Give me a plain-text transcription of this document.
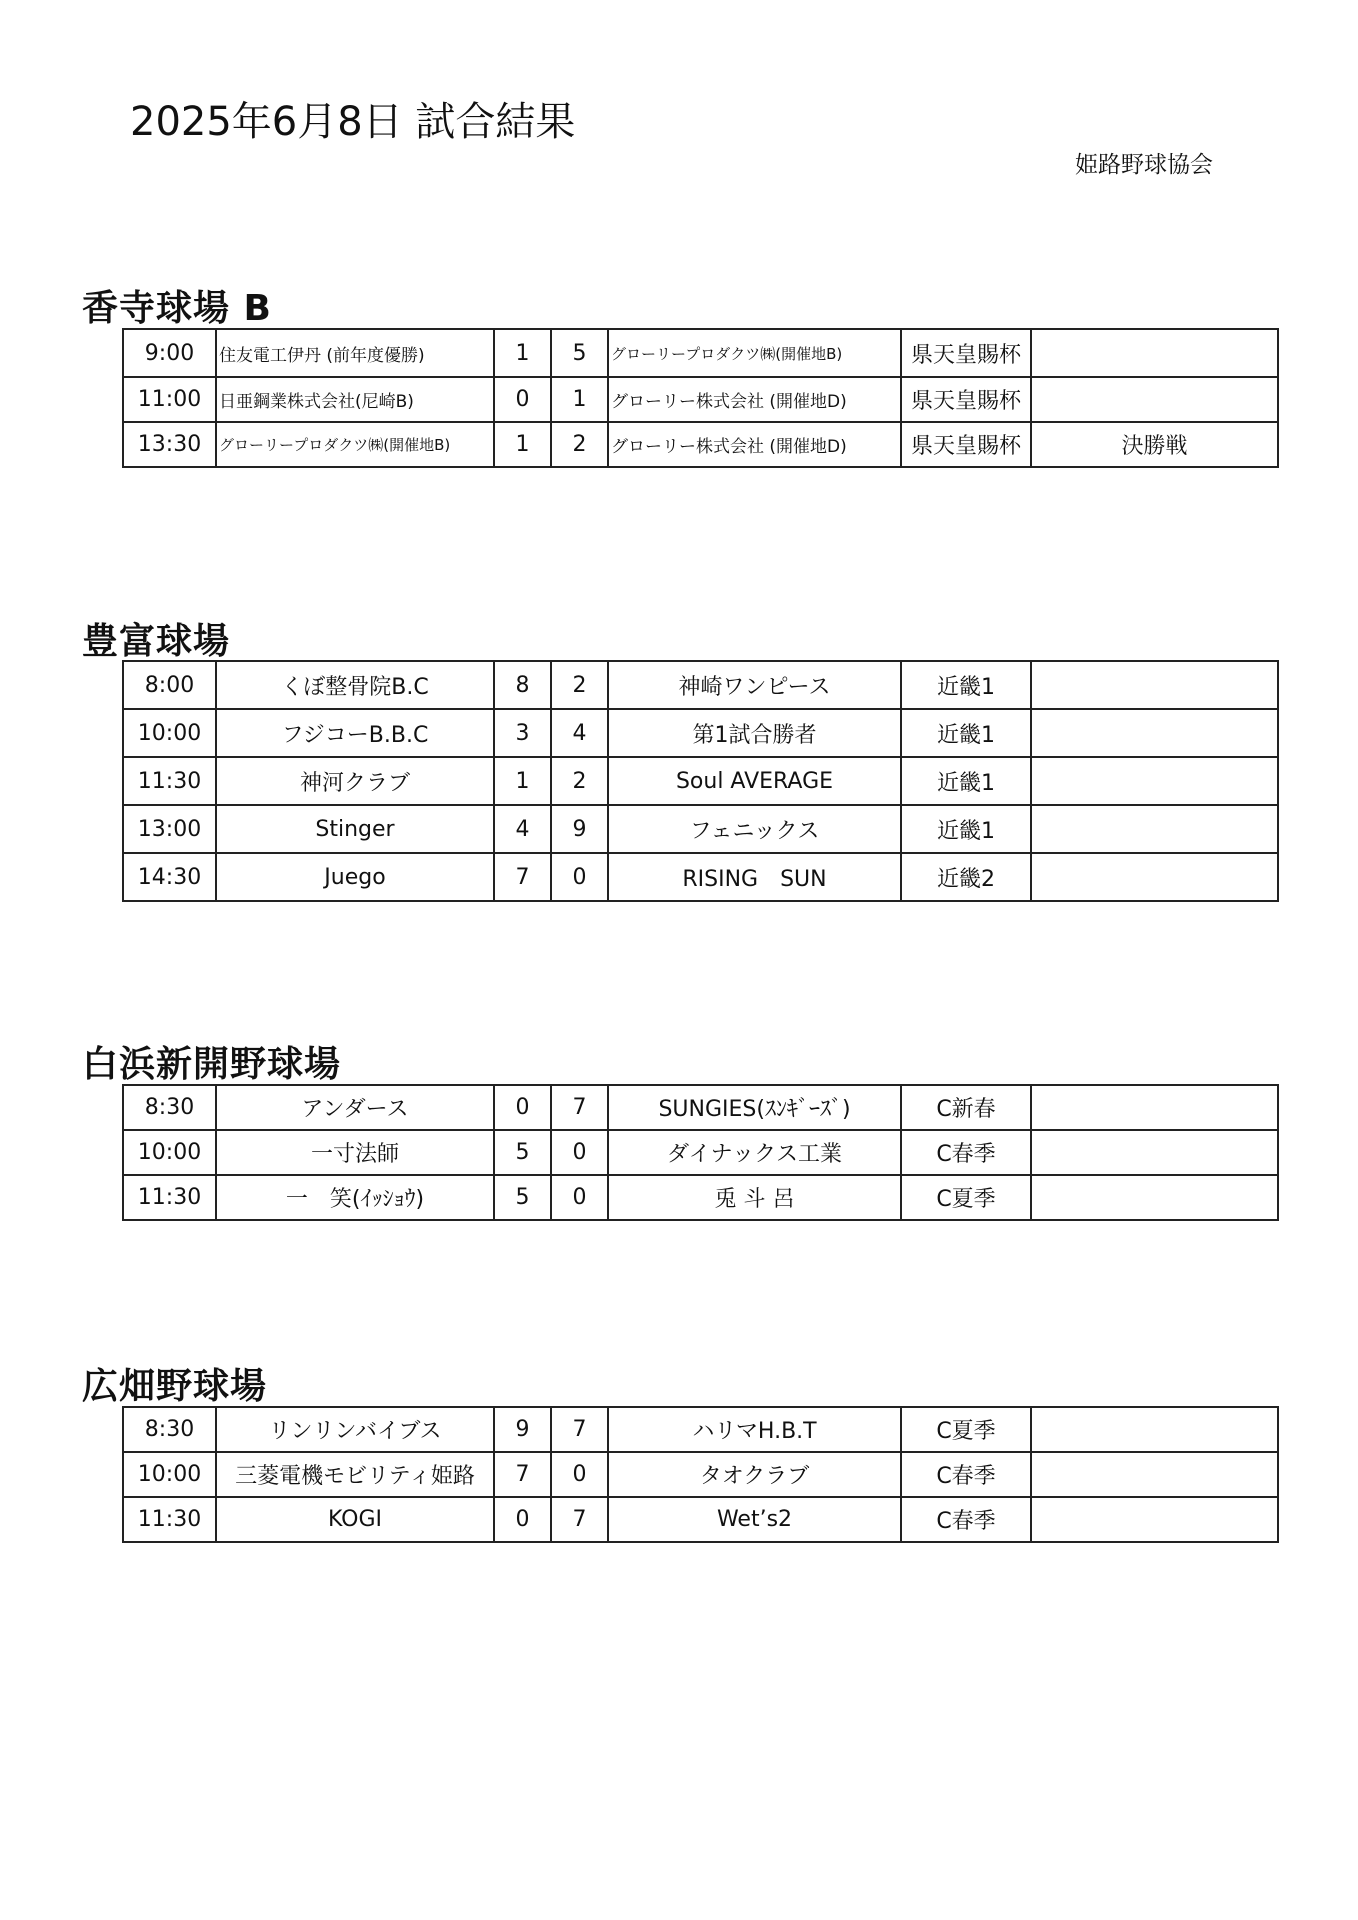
2025年6月8日 試合結果
姫路野球協会
香寺球場 B
9:00	住友電工伊丹 (前年度優勝)	1	5	グローリープロダクツ㈱(開催地B)	県天皇賜杯	
11:00	日亜鋼業株式会社(尼崎B)	0	1	グローリー株式会社 (開催地D)	県天皇賜杯	
13:30	グローリープロダクツ㈱(開催地B)	1	2	グローリー株式会社 (開催地D)	県天皇賜杯	決勝戦
豊富球場
8:00	くぼ整骨院B.C	8	2	神崎ワンピース	近畿1	
10:00	フジコーB.B.C	3	4	第1試合勝者	近畿1	
11:30	神河クラブ	1	2	Soul AVERAGE	近畿1	
13:00	Stinger	4	9	フェニックス	近畿1	
14:30	Juego	7	0	RISING　SUN	近畿2	
白浜新開野球場
8:30	アンダース	0	7	SUNGIES(ｽﾝｷﾞｰｽﾞ)	C新春	
10:00	一寸法師	5	0	ダイナックス工業	C春季	
11:30	一　笑(ｲｯｼｮｳ)	5	0	兎 斗 呂	C夏季	
広畑野球場
8:30	リンリンバイブス	9	7	ハリマH.B.T	C夏季	
10:00	三菱電機モビリティ姫路	7	0	タオクラブ	C春季	
11:30	KOGI	0	7	Wet’s2	C春季	
